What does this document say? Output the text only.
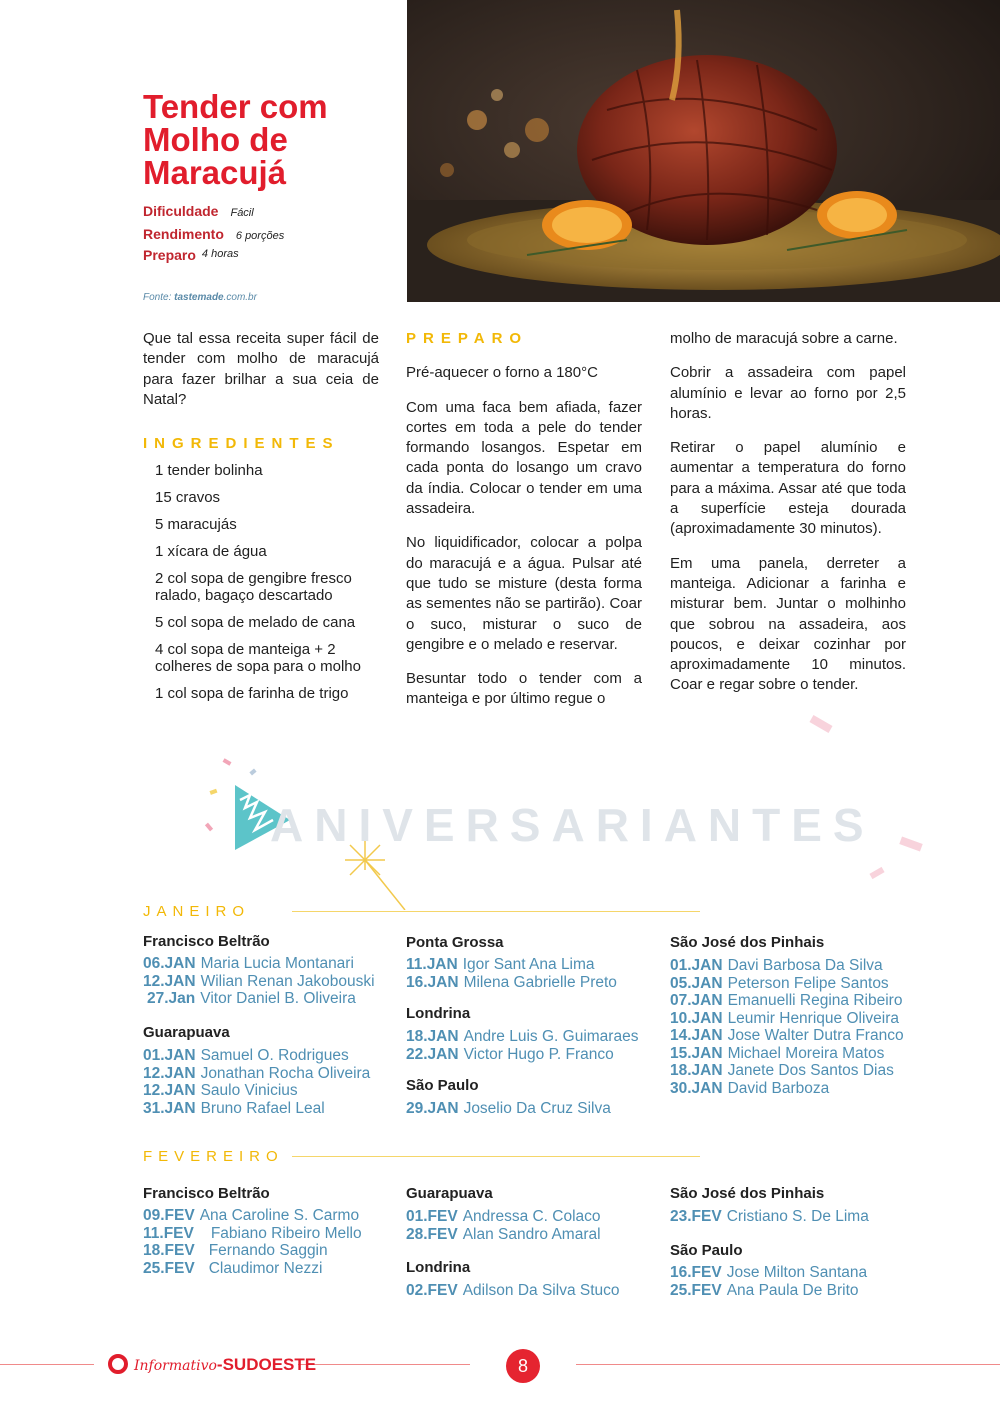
Tender com Molho de Maracujá
Dificuldade Fácil
Rendimento 6 porções
Preparo $^{4 horas}$
Fonte: tastemade.com.br

Que tal essa receita super fácil de tender com molho de maracujá para fazer brilhar a sua ceia de Natal?

INGREDIENTES
1 tender bolinha
15 cravos
5 maracujás
1 xícara de água
2 col sopa de gengibre fresco ralado, bagaço descartado
5 col sopa de melado de cana
4 col sopa de manteiga + 2 colheres de sopa para o molho
1 col sopa de farinha de trigo
PREPARO

Pré-aquecer o forno a 180°C

Com uma faca bem afiada, fazer cortes em toda a pele do tender formando losangos. Espetar em cada ponta do losango um cravo da índia. Colocar o tender em uma assadeira.

No liquidificador, colocar a polpa do maracujá e a água. Pulsar até que tudo se misture (desta forma as sementes não se partirão). Coar o suco, misturar o suco de gengibre e o melado e reservar.

Besuntar todo o tender com a manteiga e por último regue o

molho de maracujá sobre a carne.

Cobrir a assadeira com papel alumínio e levar ao forno por 2,5 horas.

Retirar o papel alumínio e aumentar a temperatura do forno para a máxima. Assar até que toda a superfície esteja dourada (aproximadamente 30 minutos).

Em uma panela, derreter a manteiga. Adicionar a farinha e misturar bem. Juntar o molhinho que sobrou na assadeira, aos poucos, e deixar cozinhar por aproximadamente 10 minutos. Coar e regar sobre o tender.

ANIVERSARIANTES
JANEIRO
Francisco Beltrão
06.JAN Maria Lucia Montanari
12.JAN Wilian Renan Jakobouski
27.Jan Vitor Daniel B. Oliveira
Guarapuava
01.JAN Samuel O. Rodrigues
12.JAN Jonathan Rocha Oliveira
12.JAN Saulo Vinicius
31.JAN Bruno Rafael Leal
Ponta Grossa
11.JAN Igor Sant Ana Lima
16.JAN Milena Gabrielle Preto
Londrina
18.JAN Andre Luis G. Guimaraes
22.JAN Victor Hugo P. Franco
São Paulo
29.JAN Joselio Da Cruz Silva
São José dos Pinhais
01.JAN Davi Barbosa Da Silva
05.JAN Peterson Felipe Santos
07.JAN Emanuelli Regina Ribeiro
10.JAN Leumir Henrique Oliveira
14.JAN Jose Walter Dutra Franco
15.JAN Michael Moreira Matos
18.JAN Janete Dos Santos Dias
30.JAN David Barboza
FEVEREIRO
Francisco Beltrão
09.FEV Ana Caroline S. Carmo
11.FEV Fabiano Ribeiro Mello
18.FEV Fernando Saggin
25.FEV Claudimor Nezzi
Guarapuava
01.FEV Andressa C. Colaco
28.FEV Alan Sandro Amaral
Londrina
02.FEV Adilson Da Silva Stuco
São José dos Pinhais
23.FEV Cristiano S. De Lima
São Paulo
16.FEV Jose Milton Santana
25.FEV Ana Paula De Brito
Informativo-SUDOESTE	8
